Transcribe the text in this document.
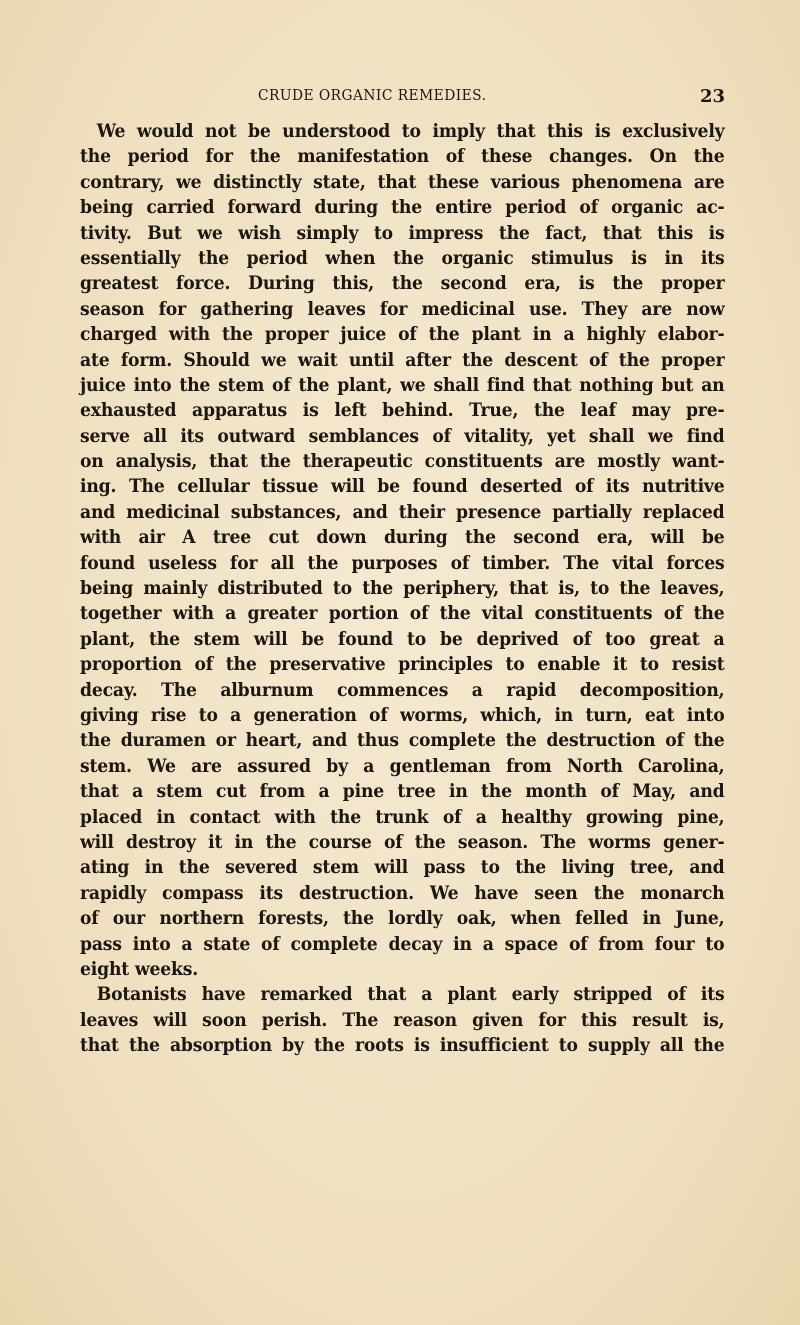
CRUDE ORGANIC REMEDIES.	23
We would not be understood to imply that this is exclusively
the period for the manifestation of these changes. On the
contrary, we distinctly state, that these various phenomena are
being carried forward during the entire period of organic ac-
tivity. But we wish simply to impress the fact, that this is
essentially the period when the organic stimulus is in its
greatest force. During this, the second era, is the proper
season for gathering leaves for medicinal use. They are now
charged with the proper juice of the plant in a highly elabor-
ate form. Should we wait until after the descent of the proper
juice into the stem of the plant, we shall find that nothing but an
exhausted apparatus is left behind. True, the leaf may pre-
serve all its outward semblances of vitality, yet shall we find
on analysis, that the therapeutic constituents are mostly want-
ing. The cellular tissue will be found deserted of its nutritive
and medicinal substances, and their presence partially replaced
with air A tree cut down during the second era, will be
found useless for all the purposes of timber. The vital forces
being mainly distributed to the periphery, that is, to the leaves,
together with a greater portion of the vital constituents of the
plant, the stem will be found to be deprived of too great a
proportion of the preservative principles to enable it to resist
decay. The alburnum commences a rapid decomposition,
giving rise to a generation of worms, which, in turn, eat into
the duramen or heart, and thus complete the destruction of the
stem. We are assured by a gentleman from North Carolina,
that a stem cut from a pine tree in the month of May, and
placed in contact with the trunk of a healthy growing pine,
will destroy it in the course of the season. The worms gener-
ating in the severed stem will pass to the living tree, and
rapidly compass its destruction. We have seen the monarch
of our northern forests, the lordly oak, when felled in June,
pass into a state of complete decay in a space of from four to
eight weeks.
Botanists have remarked that a plant early stripped of its
leaves will soon perish. The reason given for this result is,
that the absorption by the roots is insufficient to supply all the
